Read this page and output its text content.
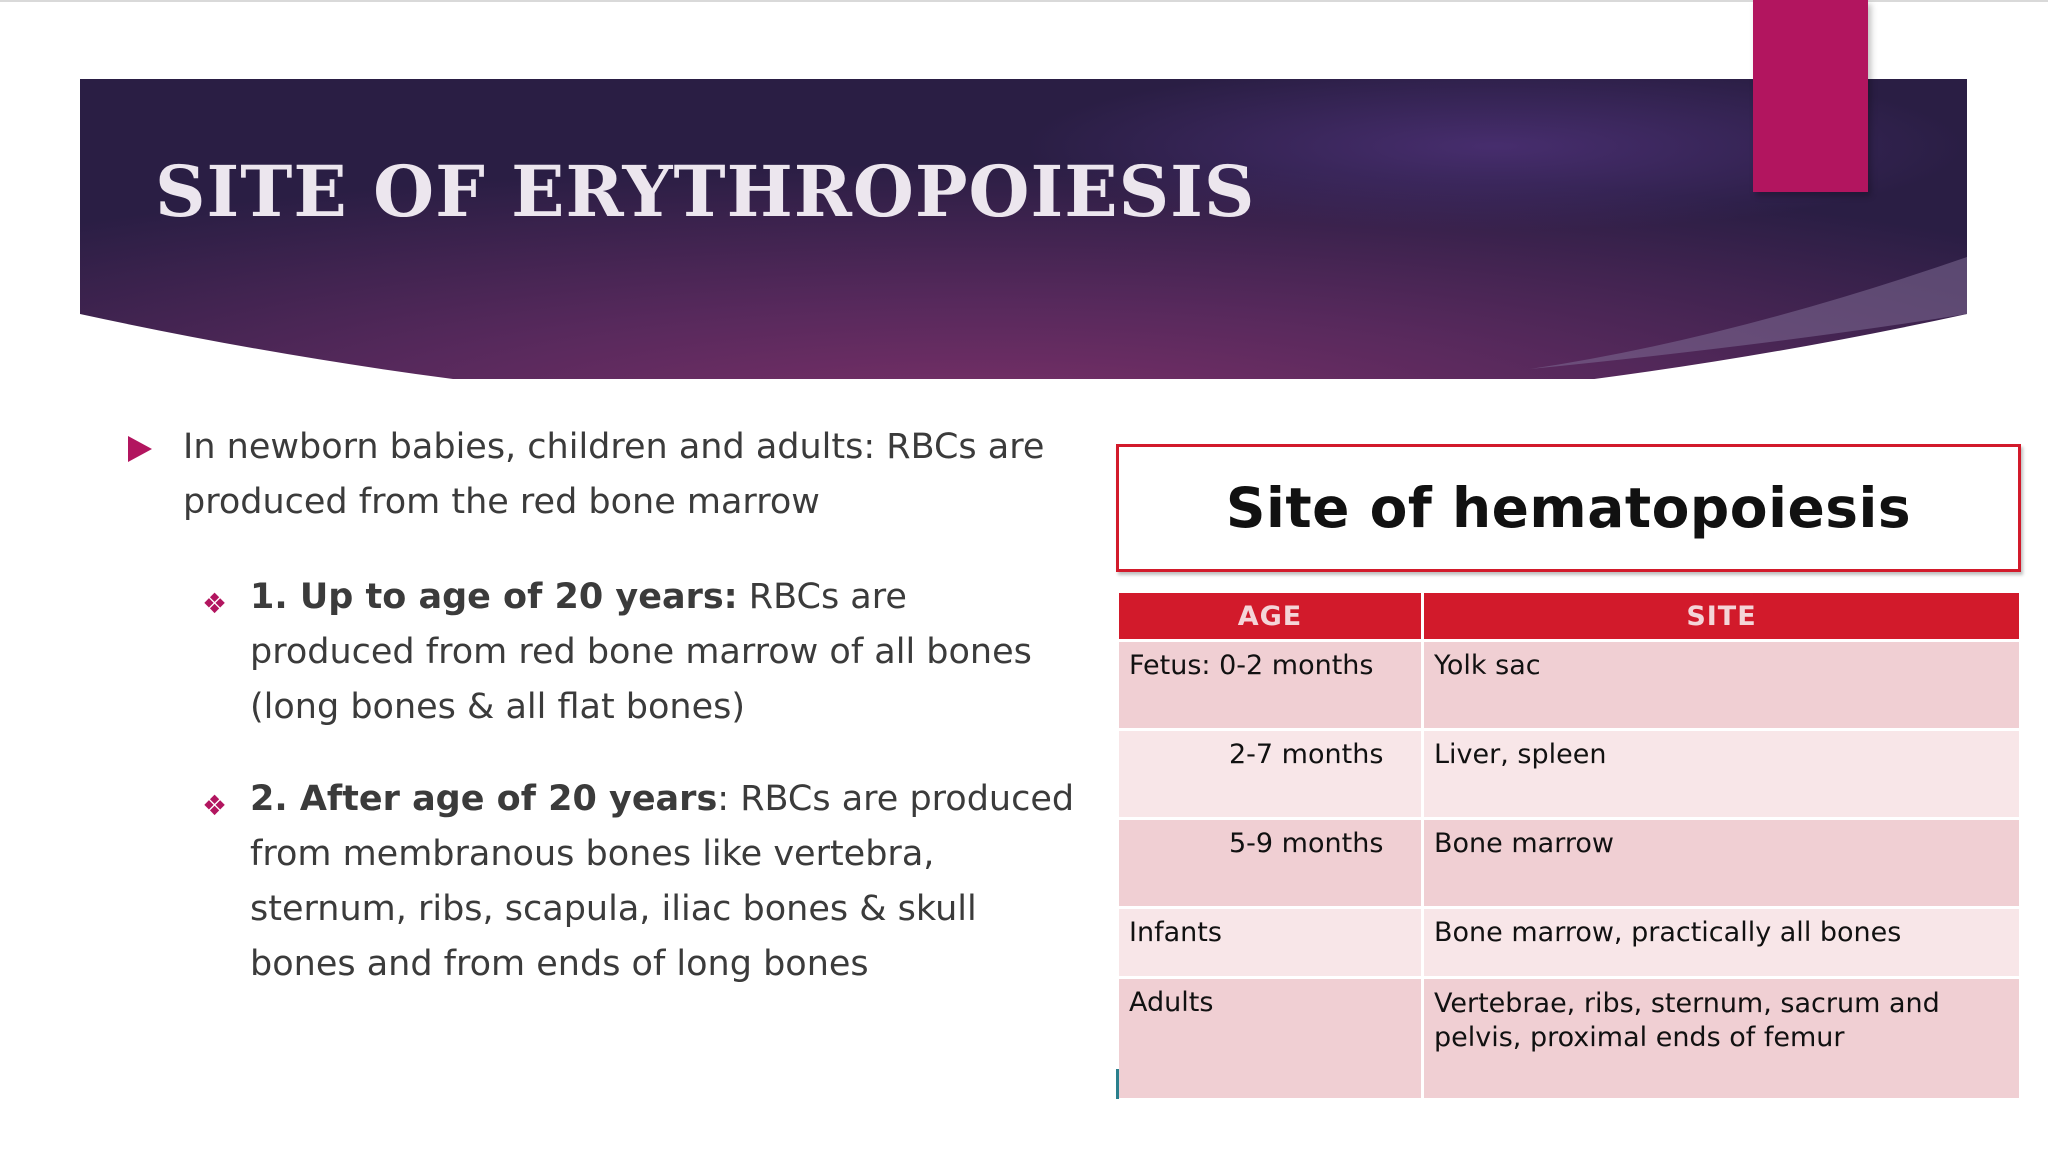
SITE OF ERYTHROPOIESIS
In newborn babies, children and adults: RBCs are produced from the red bone marrow
❖ 1. Up to age of 20 years: RBCs are produced from red bone marrow of all bones (long bones & all flat bones)
❖ 2. After age of 20 years: RBCs are produced from membranous bones like vertebra, sternum, ribs, scapula, iliac bones & skull bones and from ends of long bones
Site of hematopoiesis
AGE	SITE
Fetus: 0-2 months	Yolk sac
2-7 months	Liver, spleen
5-9 months	Bone marrow
Infants	Bone marrow, practically all bones
Adults	Vertebrae, ribs, sternum, sacrum and pelvis, proximal ends of femur
